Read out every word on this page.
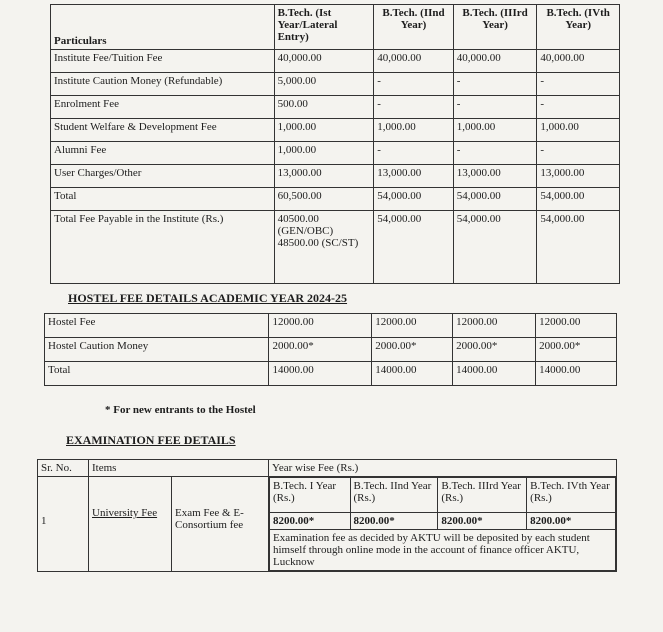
Particulars	B.Tech. (Ist Year/Lateral Entry)	B.Tech. (IInd Year)	B.Tech. (IIIrd Year)	B.Tech. (IVth Year)
Institute Fee/Tuition Fee	40,000.00	40,000.00	40,000.00	40,000.00
Institute Caution Money (Refundable)	5,000.00	-	-	-
Enrolment Fee	500.00	-	-	-
Student Welfare & Development Fee	1,000.00	1,000.00	1,000.00	1,000.00
Alumni Fee	1,000.00	-	-	-
User Charges/Other	13,000.00	13,000.00	13,000.00	13,000.00
Total	60,500.00	54,000.00	54,000.00	54,000.00
Total Fee Payable in the Institute (Rs.)	40500.00 (GEN/OBC) 48500.00 (SC/ST)	54,000.00	54,000.00	54,000.00
HOSTEL FEE DETAILS ACADEMIC YEAR 2024-25
Hostel Fee	12000.00	12000.00	12000.00	12000.00
Hostel Caution Money	2000.00*	2000.00*	2000.00*	2000.00*
Total	14000.00	14000.00	14000.00	14000.00
* For new entrants to the Hostel
EXAMINATION FEE DETAILS
Sr. No.	Items	Year wise Fee (Rs.)
1	University Fee	Exam Fee & E-Consortium fee	
B.Tech. I Year (Rs.)	B.Tech. IInd Year (Rs.)	B.Tech. IIIrd Year (Rs.)	B.Tech. IVth Year (Rs.)
8200.00*	8200.00*	8200.00*	8200.00*
Examination fee as decided by AKTU will be deposited by each student himself through online mode in the account of finance officer AKTU, Lucknow
